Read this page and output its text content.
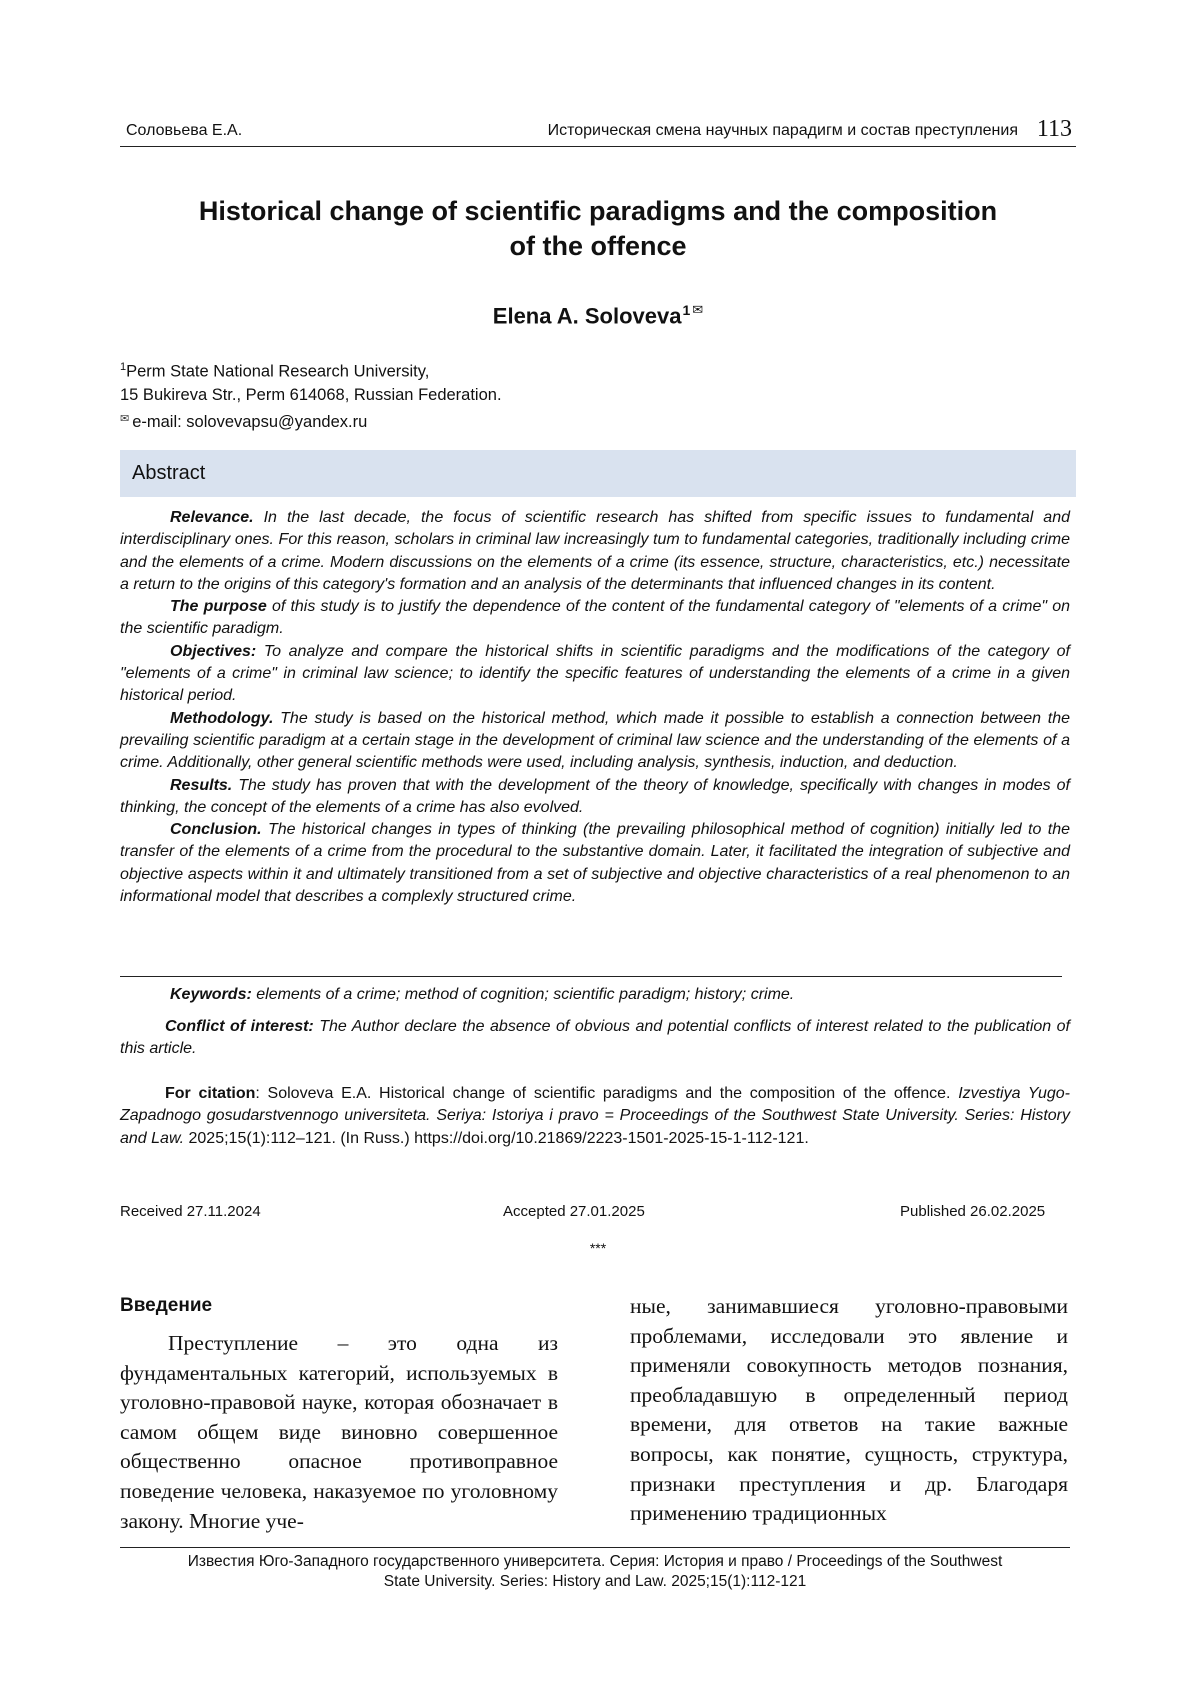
Соловьева Е.А.	Историческая смена научных парадигм и состав преступления 113
Historical change of scientific paradigms and the composition
of the offence
Elena A. Soloveva$^1$ ✉
$^1$Perm State National Research University,
15 Bukireva Str., Perm 614068, Russian Federation.
✉ e-mail: solovevapsu@yandex.ru
Abstract

Relevance. In the last decade, the focus of scientific research has shifted from specific issues to fundamental and interdisciplinary ones. For this reason, scholars in criminal law increasingly tum to fundamental categories, traditionally including crime and the elements of a crime. Modern discussions on the elements of a crime (its essence, structure, characteristics, etc.) necessitate a return to the origins of this category's formation and an analysis of the determinants that influenced changes in its content.

The purpose of this study is to justify the dependence of the content of the fundamental category of "elements of a crime" on the scientific paradigm.

Objectives: To analyze and compare the historical shifts in scientific paradigms and the modifications of the category of "elements of a crime" in criminal law science; to identify the specific features of understanding the elements of a crime in a given historical period.

Methodology. The study is based on the historical method, which made it possible to establish a connection between the prevailing scientific paradigm at a certain stage in the development of criminal law science and the understanding of the elements of a crime. Additionally, other general scientific methods were used, including analysis, synthesis, induction, and deduction.

Results. The study has proven that with the development of the theory of knowledge, specifically with changes in modes of thinking, the concept of the elements of a crime has also evolved.

Conclusion. The historical changes in types of thinking (the prevailing philosophical method of cognition) initially led to the transfer of the elements of a crime from the procedural to the substantive domain. Later, it facilitated the integration of subjective and objective aspects within it and ultimately transitioned from a set of subjective and objective characteristics of a real phenomenon to an informational model that describes a complexly structured crime.

Keywords: elements of a crime; method of cognition; scientific paradigm; history; crime.
Conflict of interest: The Author declare the absence of obvious and potential conflicts of interest related to the publication of this article.
For citation: Soloveva E.A. Historical change of scientific paradigms and the composition of the offence. Izvestiya Yugo-Zapadnogo gosudarstvennogo universiteta. Seriya: Istoriya i pravo = Proceedings of the Southwest State University. Series: History and Law. 2025;15(1):112–121. (In Russ.) https://doi.org/10.21869/2223-1501-2025-15-1-112-121.
Received 27.11.2024	Accepted 27.01.2025	Published 26.02.2025
***
Введение

Преступление – это одна из фундаментальных категорий, используемых в уголовно-правовой науке, которая обозначает в самом общем виде виновно совершенное общественно опасное противоправное поведение человека, наказуемое по уголовному закону. Многие уче-

ные, занимавшиеся уголовно-правовыми проблемами, исследовали это явление и применяли совокупность методов познания, преобладавшую в определенный период времени, для ответов на такие важные вопросы, как понятие, сущность, структура, признаки преступления и др. Благодаря применению традиционных

Известия Юго-Западного государственного университета. Серия: История и право / Proceedings of the Southwest
State University. Series: History and Law. 2025;15(1):112-121
